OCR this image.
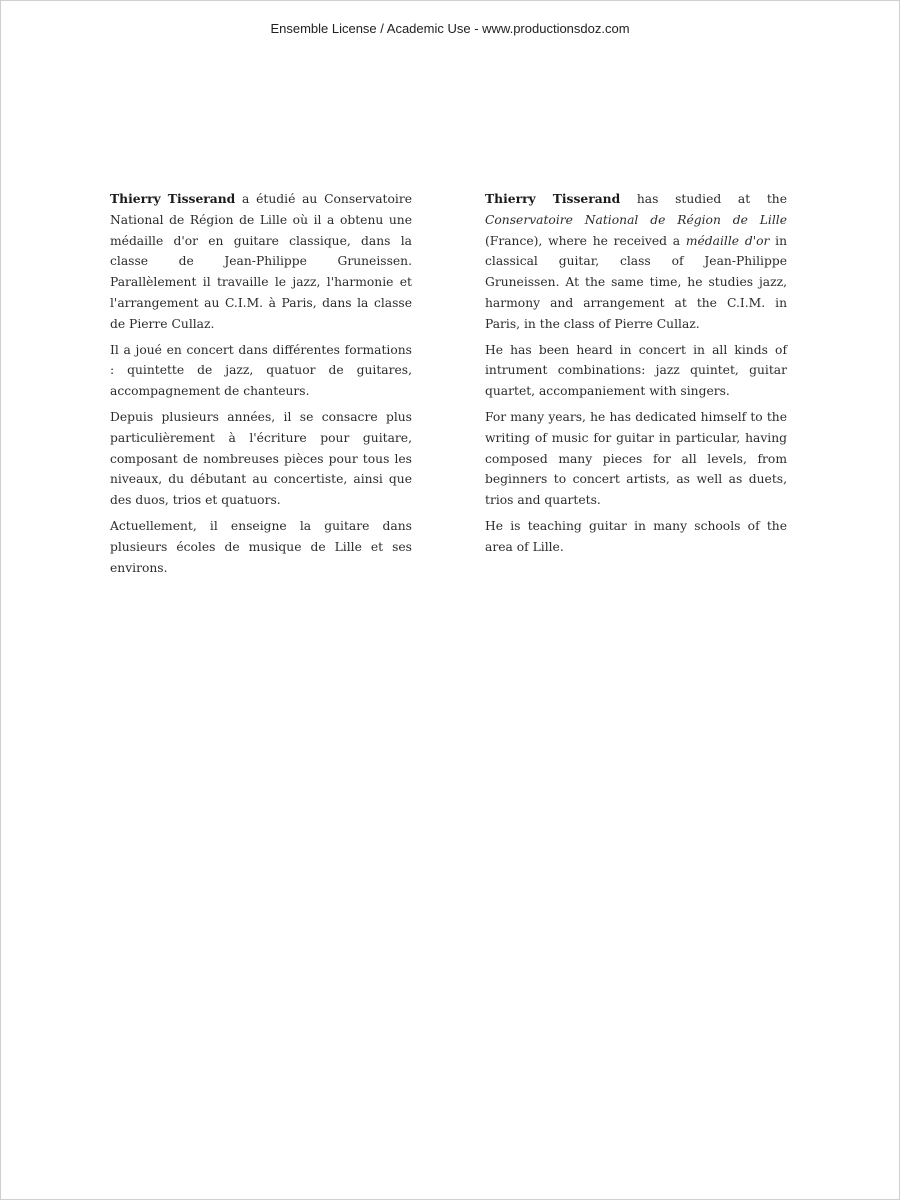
Ensemble License / Academic Use - www.productionsdoz.com

Thierry Tisserand a étudié au Conservatoire National de Région de Lille où il a obtenu une médaille d'or en guitare classique, dans la classe de Jean-Philippe Gruneissen. Parallèlement il travaille le jazz, l'harmonie et l'arrangement au C.I.M. à Paris, dans la classe de Pierre Cullaz.

Il a joué en concert dans différentes formations : quintette de jazz, quatuor de guitares, accompagnement de chanteurs.

Depuis plusieurs années, il se consacre plus particulièrement à l'écriture pour guitare, composant de nombreuses pièces pour tous les niveaux, du débutant au concertiste, ainsi que des duos, trios et quatuors.

Actuellement, il enseigne la guitare dans plusieurs écoles de musique de Lille et ses environs.

Thierry Tisserand has studied at the Conservatoire National de Région de Lille (France), where he received a médaille d'or in classical guitar, class of Jean-Philippe Gruneissen. At the same time, he studies jazz, harmony and arrangement at the C.I.M. in Paris, in the class of Pierre Cullaz.

He has been heard in concert in all kinds of intrument combinations: jazz quintet, guitar quartet, accompaniement with singers.

For many years, he has dedicated himself to the writing of music for guitar in particular, having composed many pieces for all levels, from beginners to concert artists, as well as duets, trios and quartets.

He is teaching guitar in many schools of the area of Lille.
